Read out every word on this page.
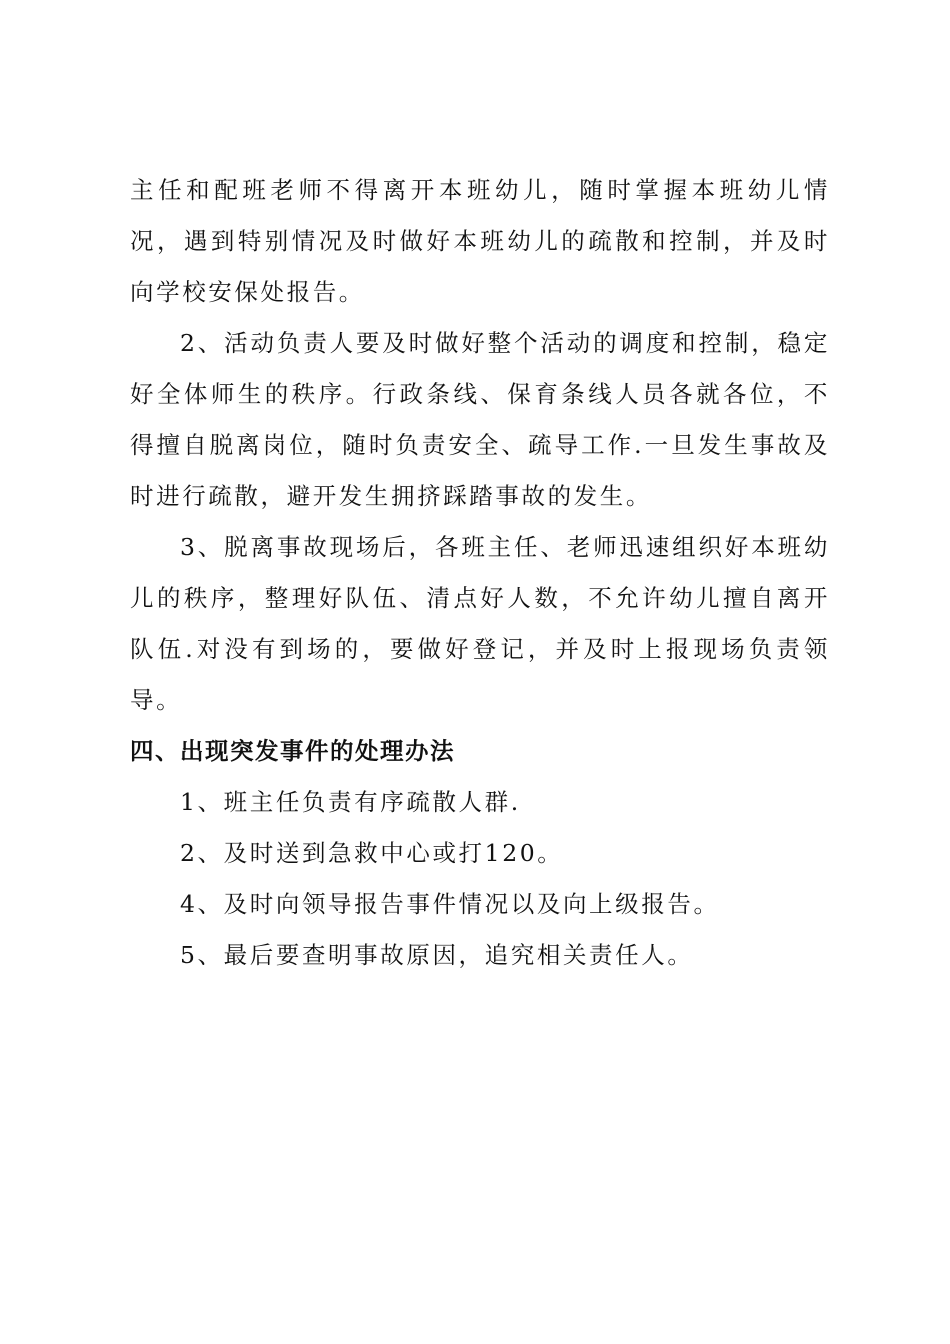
主任和配班老师不得离开本班幼儿，随时掌握本班幼儿情况，遇到特别情况及时做好本班幼儿的疏散和控制，并及时向学校安保处报告。

2、活动负责人要及时做好整个活动的调度和控制，稳定好全体师生的秩序。行政条线、保育条线人员各就各位，不得擅自脱离岗位，随时负责安全、疏导工作.一旦发生事故及时进行疏散，避开发生拥挤踩踏事故的发生。

3、脱离事故现场后，各班主任、老师迅速组织好本班幼儿的秩序，整理好队伍、清点好人数，不允许幼儿擅自离开队伍.对没有到场的，要做好登记，并及时上报现场负责领导。

四、出现突发事件的处理办法

1、班主任负责有序疏散人群.

2、及时送到急救中心或打120。

4、及时向领导报告事件情况以及向上级报告。

5、最后要查明事故原因，追究相关责任人。
